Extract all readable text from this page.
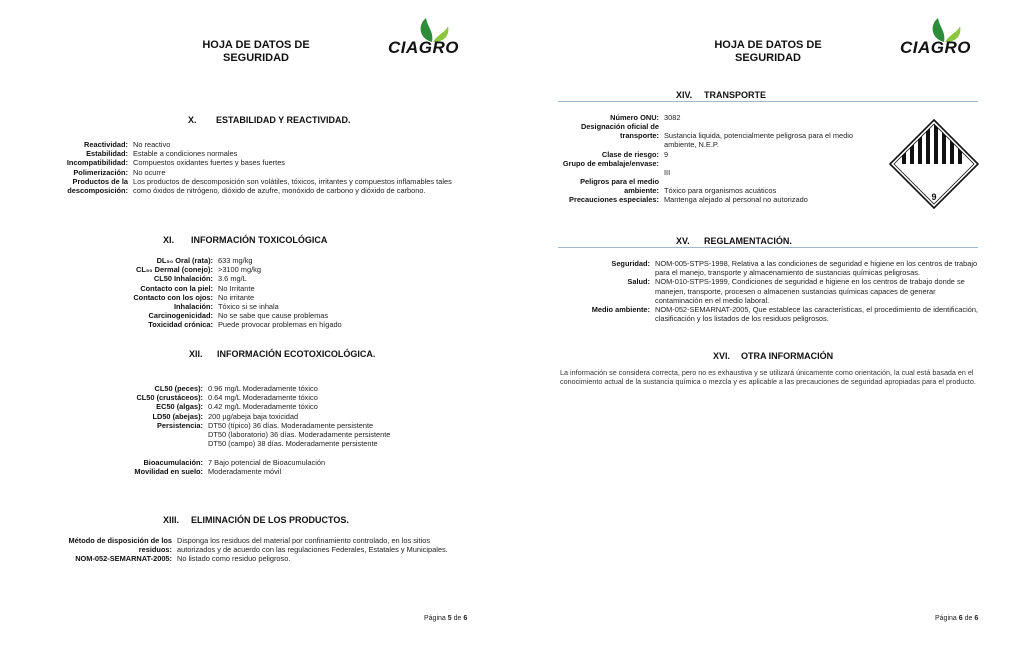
HOJA DE DATOS DE SEGURIDAD
CIAGRO
X. ESTABILIDAD Y REACTIVIDAD.
Reactividad: No reactivo
Estabilidad: Estable a condiciones normales
Incompatibilidad: Compuestos oxidantes fuertes y bases fuertes
Polimerización: No ocurre
Productos de la descomposición:
Los productos de descomposición son volátiles, tóxicos, irritantes y compuestos inflamables tales como óxidos de nitrógeno, dióxido de azufre, monóxido de carbono y dióxido de carbono.
XI. INFORMACIÓN TOXICOLÓGICA
DL₅₀ Oral (rata): 633 mg/kg
CL₅₀ Dermal (conejo): >3100 mg/kg
CL50 Inhalación: 3.6 mg/L
Contacto con la piel: No Irritante
Contacto con los ojos: No irritante
Inhalación: Tóxico si se inhala
Carcinogenicidad: No se sabe que cause problemas
Toxicidad crónica: Puede provocar problemas en hígado
XII. INFORMACIÓN ECOTOXICOLÓGICA.
CL50 (peces): 0.96 mg/L Moderadamente tóxico
CL50 (crustáceos): 0.64 mg/L Moderadamente tóxico
EC50 (algas): 0.42 mg/L Moderadamente tóxico
LD50 (abejas): 200 µg/abeja baja toxicidad
Persistencia: DT50 (típico) 36 días. Moderadamente persistente
DT50 (laboratorio) 36 días. Moderadamente persistente
DT50 (campo) 38 días. Moderadamente persistente
Bioacumulación: 7 Bajo potencial de Bioacumulación
Movilidad en suelo: Moderadamente móvil
XIII. ELIMINACIÓN DE LOS PRODUCTOS.
Método de disposición de los residuos:
Disponga los residuos del material por confinamiento controlado, en los sitios autorizados y de acuerdo con las regulaciones Federales, Estatales y Municipales.
NOM-052-SEMARNAT-2005: No listado como residuo peligroso.
Página 5 de 6
HOJA DE DATOS DE SEGURIDAD
CIAGRO
XIV. TRANSPORTE
Número ONU: 3082
Designación oficial de transporte: Sustancia liquida, potencialmente peligrosa para el medio ambiente, N.E.P.
Clase de riesgo: 9
Grupo de embalaje/envase:
III
Peligros para el medio ambiente: Tóxico para organismos acuáticos
Precauciones especiales: Mantenga alejado al personal no autorizado	9
XV. REGLAMENTACIÓN.
Seguridad: NOM-005-STPS-1998, Relativa a las condiciones de seguridad e higiene en los centros de trabajo para el manejo, transporte y almacenamiento de sustancias químicas peligrosas.
Salud: NOM-010-STPS-1999, Condiciones de seguridad e higiene en los centros de trabajo donde se manejen, transporte, procesen o almacenen sustancias químicas capaces de generar contaminación en el medio laboral.
Medio ambiente: NOM-052-SEMARNAT-2005, Que establece las características, el procedimiento de identificación, clasificación y los listados de los residuos peligrosos.
XVI. OTRA INFORMACIÓN
La información se considera correcta, pero no es exhaustiva y se utilizará únicamente como orientación, la cual está basada en el conocimiento actual de la sustancia química o mezcla y es aplicable a las precauciones de seguridad apropiadas para el producto.
Página 6 de 6
